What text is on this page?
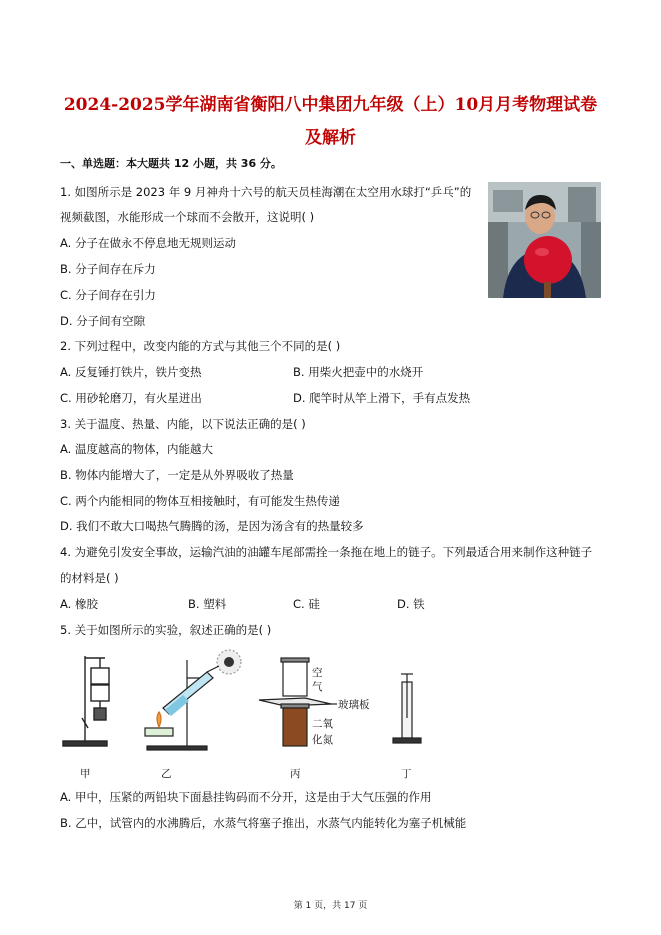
2024-2025学年湖南省衡阳八中集团九年级（上）10月月考物理试卷
及解析
一、单选题：本大题共 12 小题，共 36 分。
1. 如图所示是 2023 年 9 月神舟十六号的航天员桂海潮在太空用水球打“乒乓”的
视频截图，水能形成一个球而不会散开，这说明( )
A. 分子在做永不停息地无规则运动
B. 分子间存在斥力
C. 分子间存在引力
D. 分子间有空隙
2. 下列过程中，改变内能的方式与其他三个不同的是( )
A. 反复锤打铁片，铁片变热	B. 用柴火把壶中的水烧开
C. 用砂轮磨刀，有火星迸出	D. 爬竿时从竿上滑下，手有点发热
3. 关于温度、热量、内能，以下说法正确的是( )
A. 温度越高的物体，内能越大
B. 物体内能增大了，一定是从外界吸收了热量
C. 两个内能相同的物体互相接触时，有可能发生热传递
D. 我们不敢大口喝热气腾腾的汤，是因为汤含有的热量较多
4. 为避免引发安全事故，运输汽油的油罐车尾部需拴一条拖在地上的链子。下列最适合用来制作这种链子
的材料是( )
A. 橡胶	B. 塑料	C. 硅	D. 铁
5. 关于如图所示的实验，叙述正确的是( )
空
气
玻璃板
二氧
化氮
甲	乙	丙	丁
A. 甲中，压紧的两铅块下面悬挂钩码而不分开，这是由于大气压强的作用
B. 乙中，试管内的水沸腾后，水蒸气将塞子推出，水蒸气内能转化为塞子机械能
第 1 页，共 17 页
